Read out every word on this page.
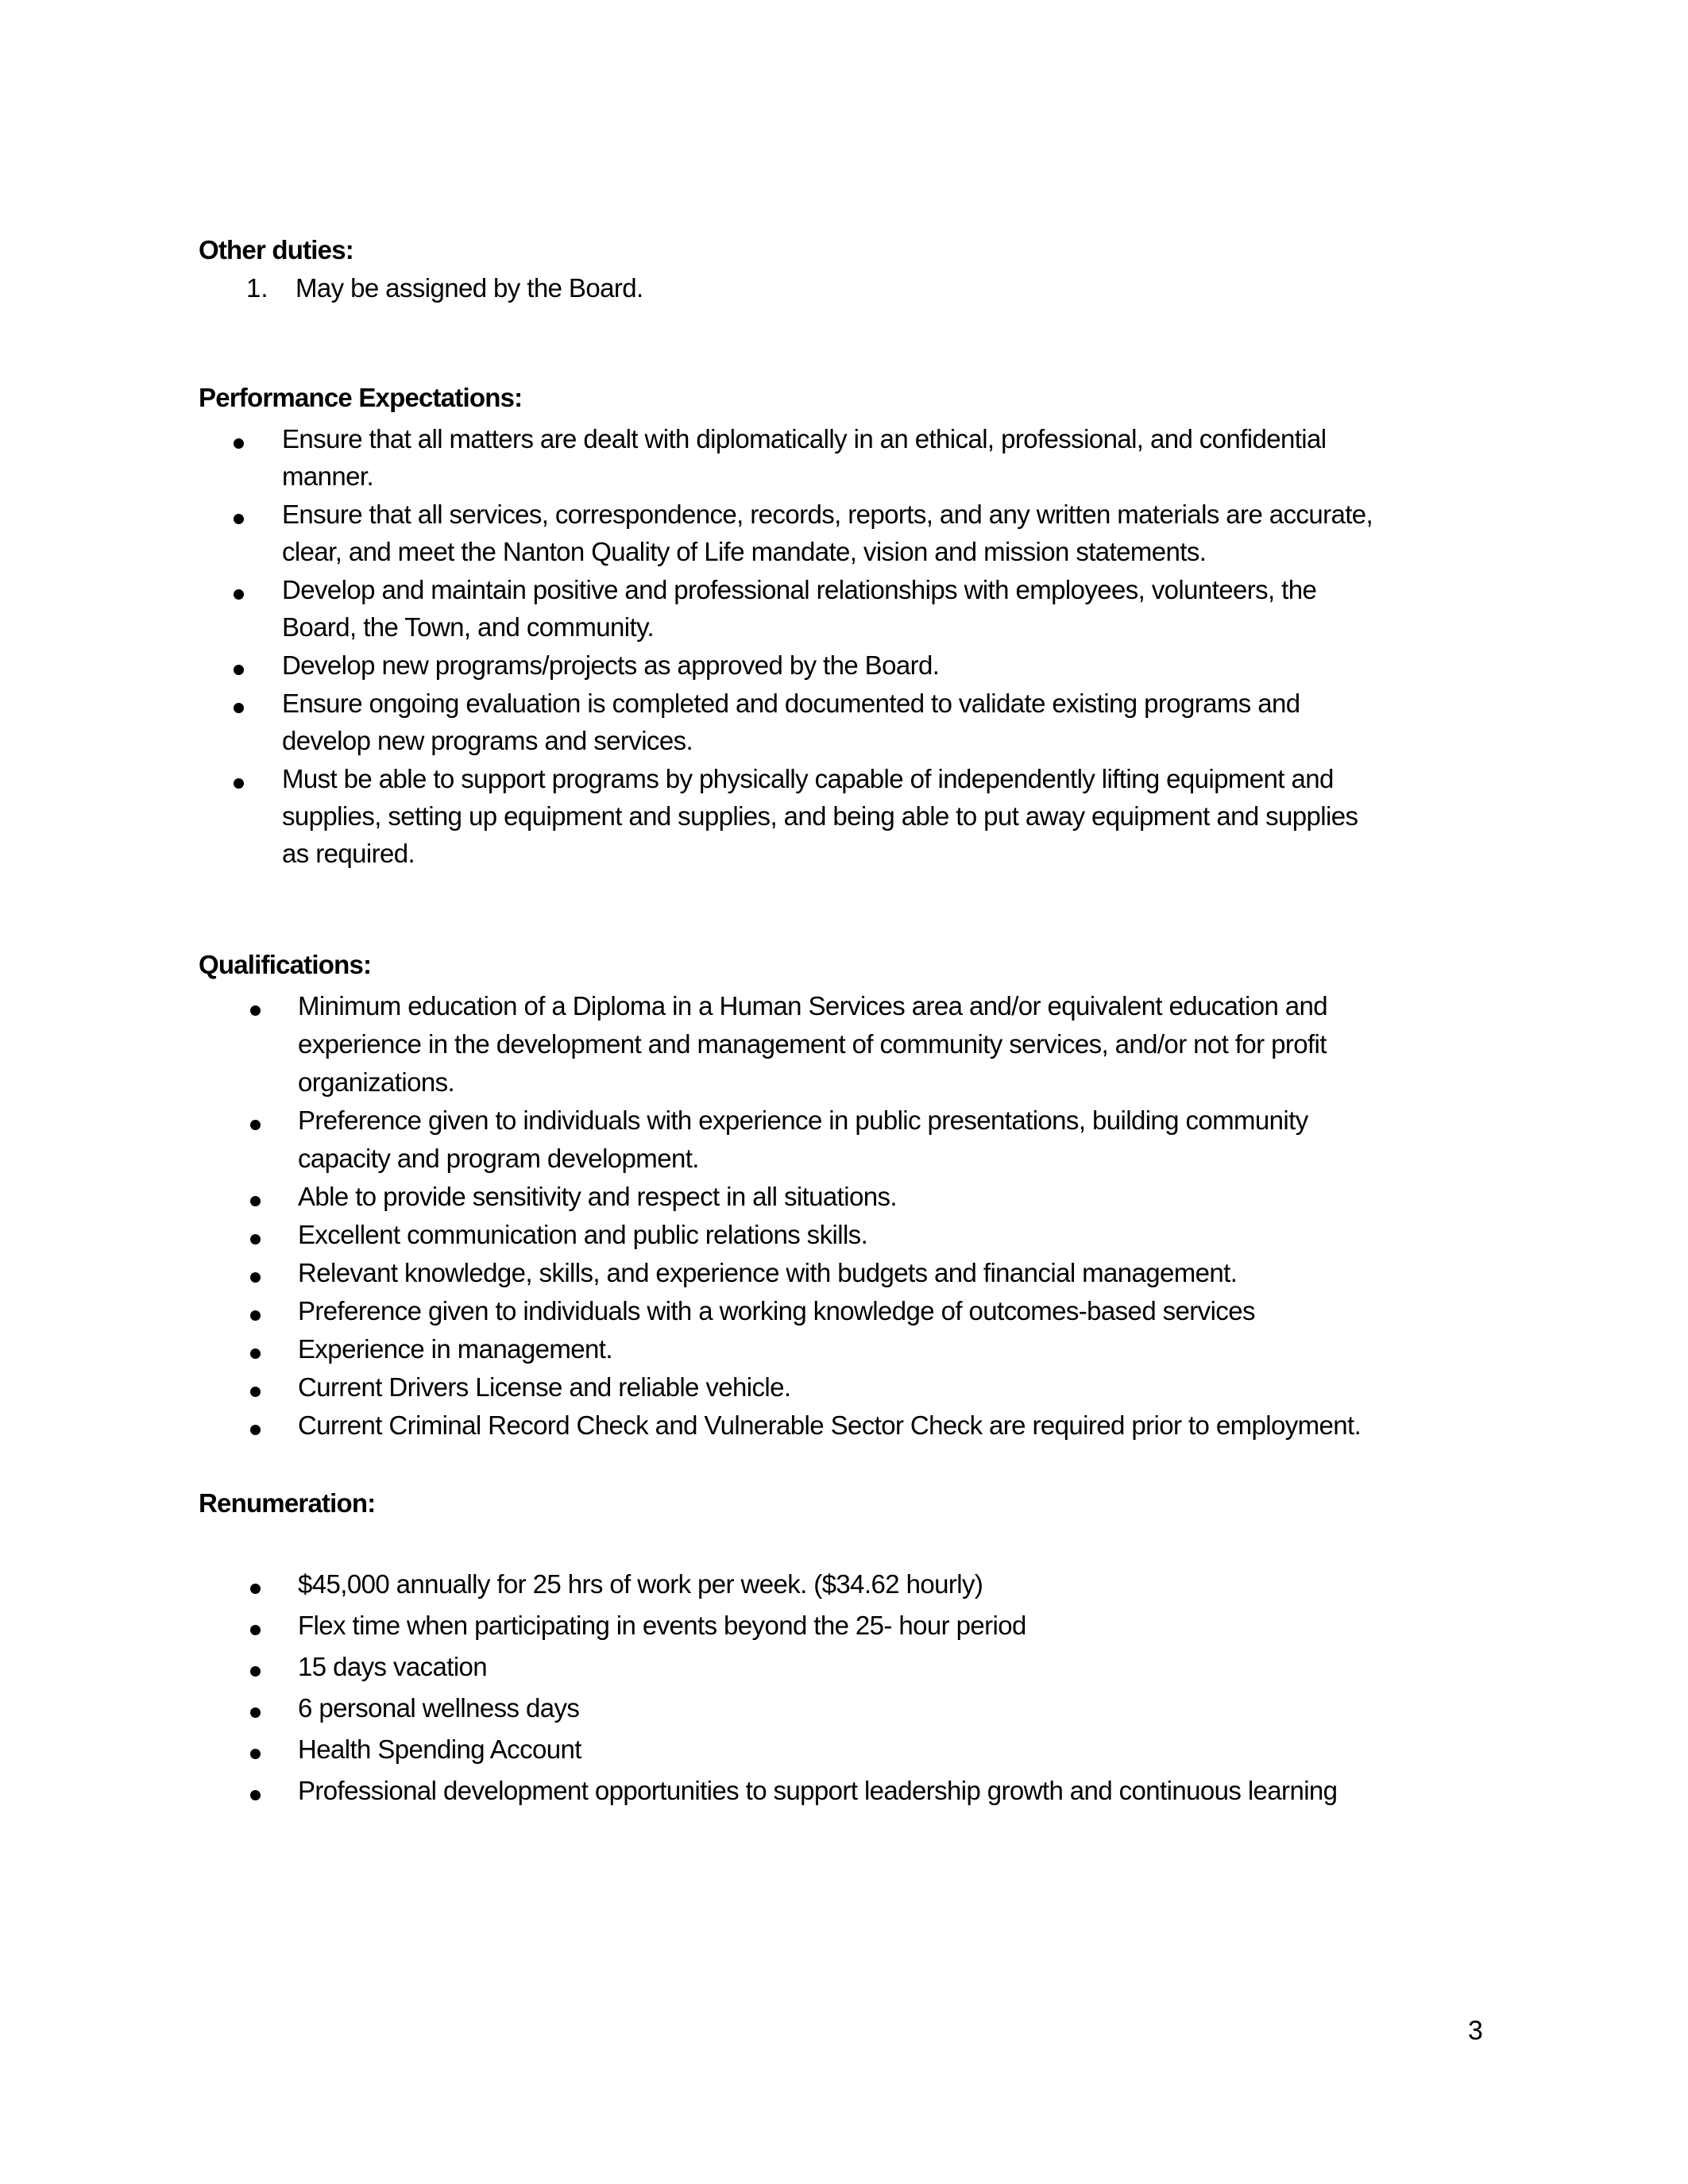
Other duties:
1. May be assigned by the Board.
Performance Expectations:
Ensure that all matters are dealt with diplomatically in an ethical, professional, and confidential
manner.
Ensure that all services, correspondence, records, reports, and any written materials are accurate,
clear, and meet the Nanton Quality of Life mandate, vision and mission statements.
Develop and maintain positive and professional relationships with employees, volunteers, the
Board, the Town, and community.
Develop new programs/projects as approved by the Board.
Ensure ongoing evaluation is completed and documented to validate existing programs and
develop new programs and services.
Must be able to support programs by physically capable of independently lifting equipment and
supplies, setting up equipment and supplies, and being able to put away equipment and supplies
as required.
Qualifications:
Minimum education of a Diploma in a Human Services area and/or equivalent education and
experience in the development and management of community services, and/or not for profit
organizations.
Preference given to individuals with experience in public presentations, building community
capacity and program development.
Able to provide sensitivity and respect in all situations.
Excellent communication and public relations skills.
Relevant knowledge, skills, and experience with budgets and financial management.
Preference given to individuals with a working knowledge of outcomes-based services
Experience in management.
Current Drivers License and reliable vehicle.
Current Criminal Record Check and Vulnerable Sector Check are required prior to employment.
Renumeration:
$45,000 annually for 25 hrs of work per week. ($34.62 hourly)
Flex time when participating in events beyond the 25- hour period
15 days vacation
6 personal wellness days
Health Spending Account
Professional development opportunities to support leadership growth and continuous learning
3
